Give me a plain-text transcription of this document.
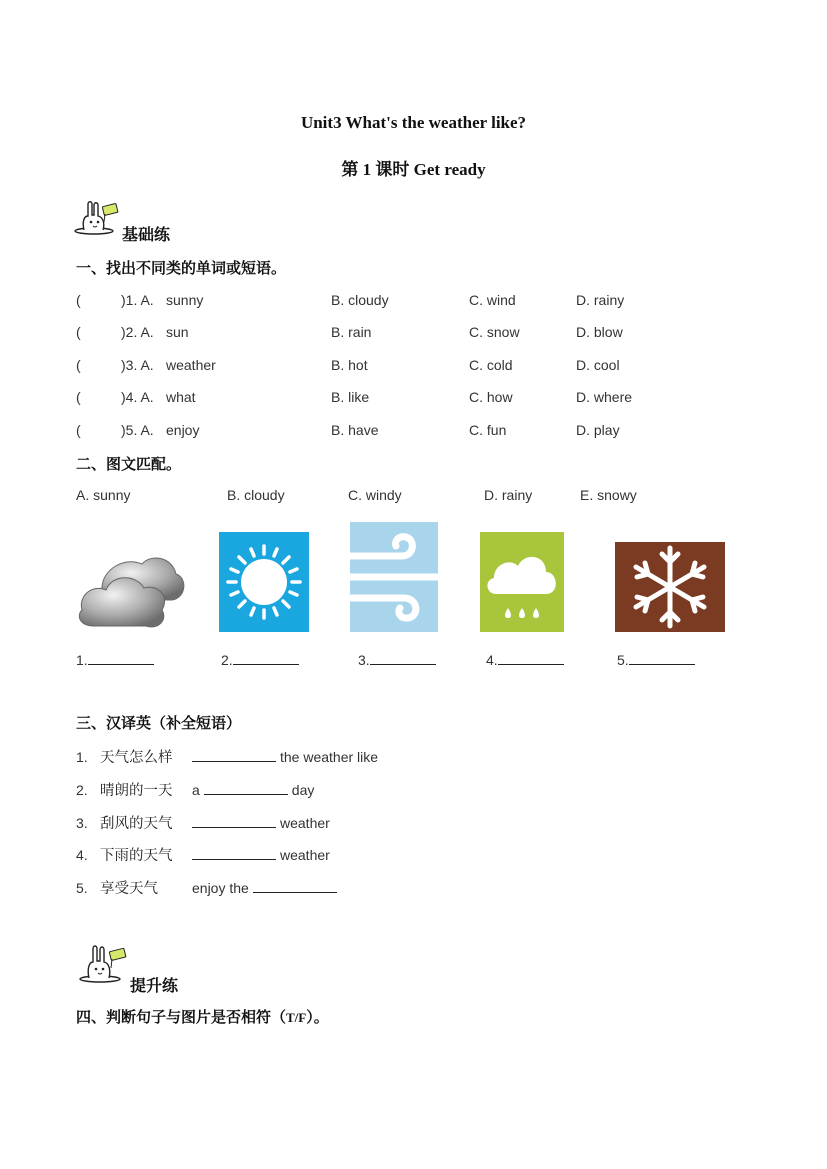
Unit3 What's the weather like?
第 1 课时 Get ready
基础练
一、找出不同类的单词或短语。
(	)1. A. sunny	B. cloudy	C. wind	D. rainy
(	)2. A. sun	B. rain	C. snow	D. blow
(	)3. A. weather	B. hot	C. cold	D. cool
(	)4. A. what	B. like	C. how	D. where
(	)5. A. enjoy	B. have	C. fun	D. play
二、图文匹配。
A. sunny	B. cloudy	C. windy	D. rainy	E. snowy
1.	2.	3.	4.	5.
三、汉译英（补全短语）
1. 天气怎么样	the weather like
2. 晴朗的一天 a	day
3. 刮风的天气	weather
4. 下雨的天气	weather
5. 享受天气 enjoy the
提升练
四、判断句子与图片是否相符（T/F）。
